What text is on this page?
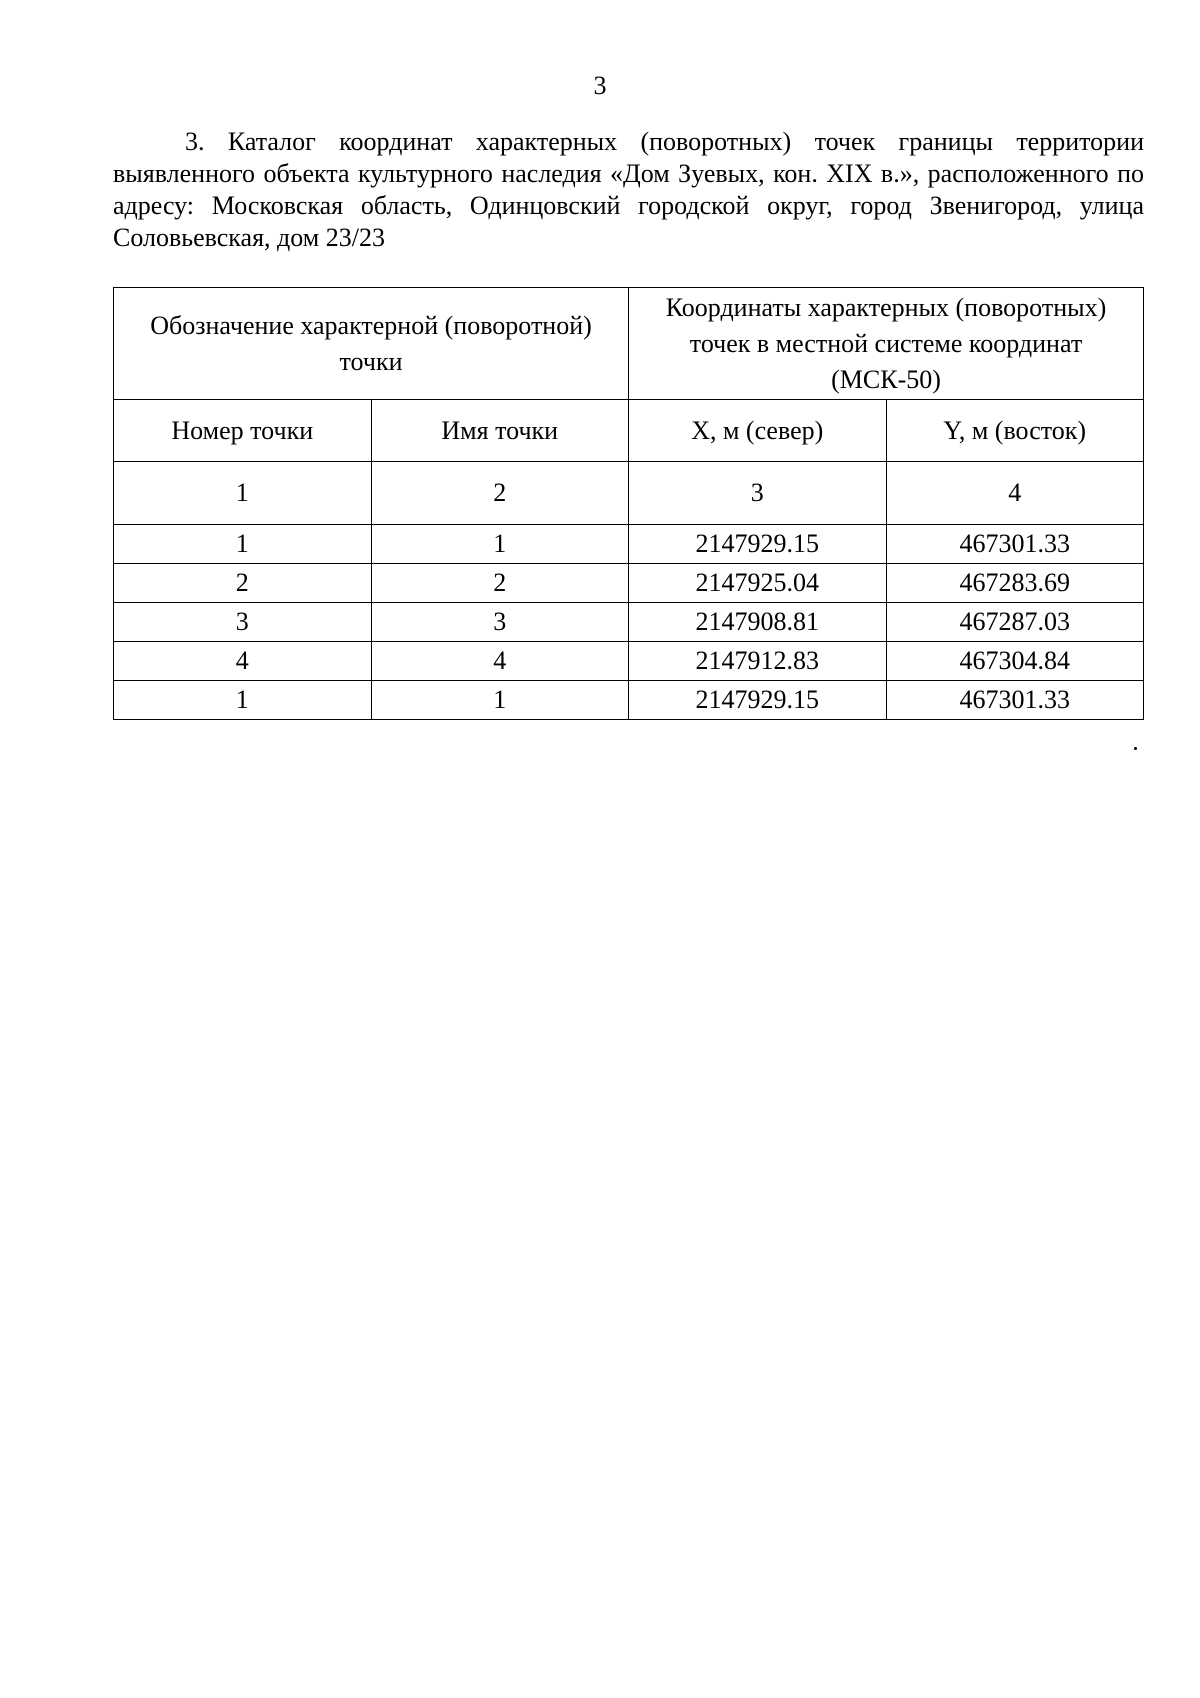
3
3. Каталог координат характерных (поворотных) точек границы территории выявленного объекта культурного наследия «Дом Зуевых, кон. XIX в.», расположенного по адресу: Московская область, Одинцовский городской округ, город Звенигород, улица Соловьевская, дом 23/23
Обозначение характерной (поворотной) точки		Координаты характерных (поворотных) точек в местной системе координат (МСК-50)	
Номер точки	Имя точки	X, м (север)	Y, м (восток)
1	2	3	4
1	1	2147929.15	467301.33
2	2	2147925.04	467283.69
3	3	2147908.81	467287.03
4	4	2147912.83	467304.84
1	1	2147929.15	467301.33
